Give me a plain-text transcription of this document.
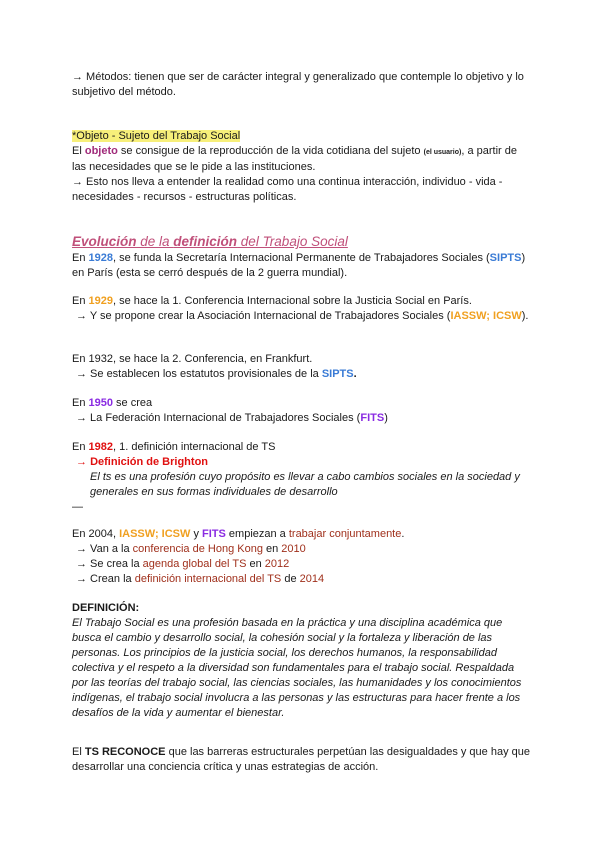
→ Métodos: tienen que ser de carácter integral y generalizado que contemple lo objetivo y lo subjetivo del método.
*Objeto - Sujeto del Trabajo Social
El objeto se consigue de la reproducción de la vida cotidiana del sujeto (el usuario), a partir de las necesidades que se le pide a las instituciones.
→ Esto nos lleva a entender la realidad como una continua interacción, individuo - vida - necesidades - recursos - estructuras políticas.
Evolución de la definición del Trabajo Social
En 1928, se funda la Secretaría Internacional Permanente de Trabajadores Sociales (SIPTS) en París (esta se cerró después de la 2 guerra mundial).
En 1929, se hace la 1. Conferencia Internacional sobre la Justicia Social en París.
→ Y se propone crear la Asociación Internacional de Trabajadores Sociales (IASSW; ICSW).
En 1932, se hace la 2. Conferencia, en Frankfurt.
→ Se establecen los estatutos provisionales de la SIPTS.
En 1950 se crea
→ La Federación Internacional de Trabajadores Sociales (FITS)
En 1982, 1. definición internacional de TS
→ Definición de Brighton
El ts es una profesión cuyo propósito es llevar a cabo cambios sociales en la sociedad y generales en sus formas individuales de desarrollo
—
En 2004, IASSW; ICSW y FITS empiezan a trabajar conjuntamente.
→ Van a la conferencia de Hong Kong en 2010
→ Se crea la agenda global del TS en 2012
→ Crean la definición internacional del TS de 2014
DEFINICIÓN:
El Trabajo Social es una profesión basada en la práctica y una disciplina académica que busca el cambio y desarrollo social, la cohesión social y la fortaleza y liberación de las personas. Los principios de la justicia social, los derechos humanos, la responsabilidad colectiva y el respeto a la diversidad son fundamentales para el trabajo social. Respaldada por las teorías del trabajo social, las ciencias sociales, las humanidades y los conocimientos indígenas, el trabajo social involucra a las personas y las estructuras para hacer frente a los desafíos de la vida y aumentar el bienestar.
El TS RECONOCE que las barreras estructurales perpetúan las desigualdades y que hay que desarrollar una conciencia crítica y unas estrategias de acción.
